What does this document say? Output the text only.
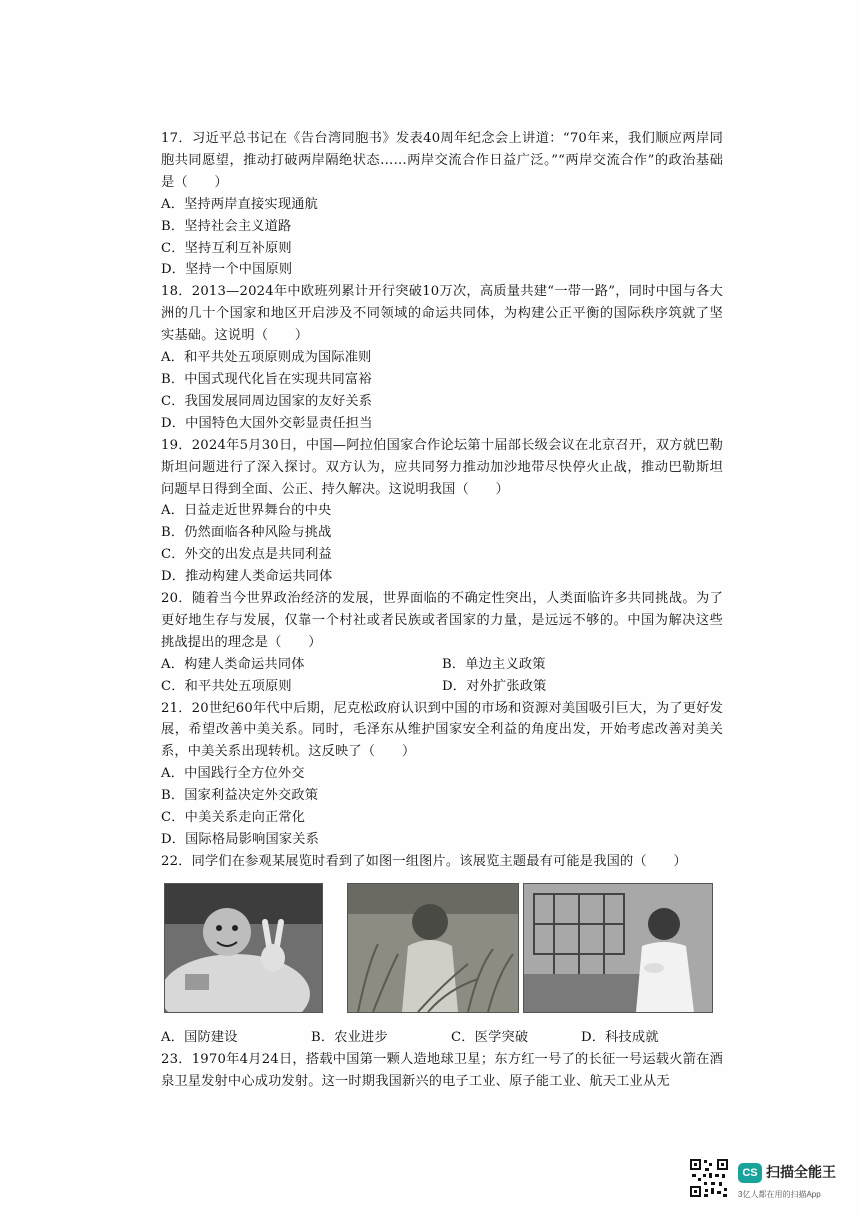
17．习近平总书记在《告台湾同胞书》发表40周年纪念会上讲道：“70年来，我们顺应两岸同胞共同愿望，推动打破两岸隔绝状态……两岸交流合作日益广泛。”“两岸交流合作”的政治基础是（　　）

A．坚持两岸直接实现通航

B．坚持社会主义道路

C．坚持互利互补原则

D．坚持一个中国原则

18．2013—2024年中欧班列累计开行突破10万次，高质量共建“一带一路”，同时中国与各大洲的几十个国家和地区开启涉及不同领域的命运共同体，为构建公正平衡的国际秩序筑就了坚实基础。这说明（　　）

A．和平共处五项原则成为国际准则

B．中国式现代化旨在实现共同富裕

C．我国发展同周边国家的友好关系

D．中国特色大国外交彰显责任担当

19．2024年5月30日，中国—阿拉伯国家合作论坛第十届部长级会议在北京召开，双方就巴勒斯坦问题进行了深入探讨。双方认为，应共同努力推动加沙地带尽快停火止战，推动巴勒斯坦问题早日得到全面、公正、持久解决。这说明我国（　　）

A．日益走近世界舞台的中央

B．仍然面临各种风险与挑战

C．外交的出发点是共同利益

D．推动构建人类命运共同体

20．随着当今世界政治经济的发展，世界面临的不确定性突出，人类面临许多共同挑战。为了更好地生存与发展，仅靠一个村社或者民族或者国家的力量，是远远不够的。中国为解决这些挑战提出的理念是（　　）

A．构建人类命运共同体	B．单边主义政策
C．和平共处五项原则	D．对外扩张政策

21．20世纪60年代中后期，尼克松政府认识到中国的市场和资源对美国吸引巨大，为了更好发展，希望改善中美关系。同时，毛泽东从维护国家安全利益的角度出发，开始考虑改善对美关系，中美关系出现转机。这反映了（　　）

A．中国践行全方位外交

B．国家利益决定外交政策

C．中美关系走向正常化

D．国际格局影响国家关系

22．同学们在参观某展览时看到了如图一组图片。该展览主题最有可能是我国的（　　）

A．国防建设	B．农业进步	C．医学突破	D．科技成就

23．1970年4月24日，搭载中国第一颗人造地球卫星；东方红一号了的长征一号运载火箭在酒泉卫星发射中心成功发射。这一时期我国新兴的电子工业、原子能工业、航天工业从无

CS 扫描全能王
3亿人都在用的扫描App
